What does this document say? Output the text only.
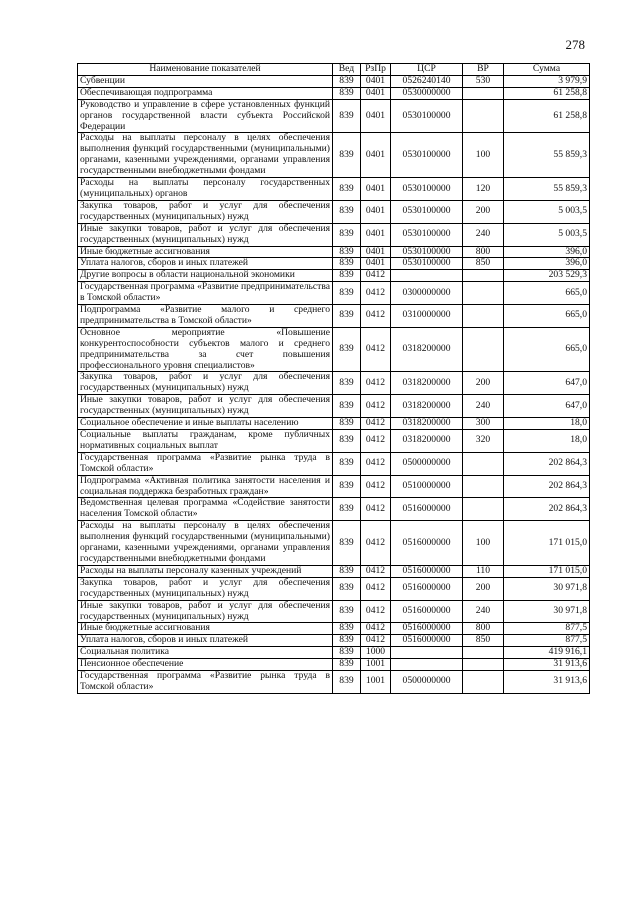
278
Наименование показателей	Вед	РзПр	ЦСР	ВР	Сумма
Субвенции	839	0401	0526240140	530	3 979,9
Обеспечивающая подпрограмма	839	0401	0530000000		61 258,8
Руководство и управление в сфере установленных функций органов государственной власти субъекта Российской Федерации	839	0401	0530100000		61 258,8
Расходы на выплаты персоналу в целях обеспечения выполнения функций государственными (муниципальными) органами, казенными учреждениями, органами управления государственными внебюджетными фондами	839	0401	0530100000	100	55 859,3
Расходы на выплаты персоналу государственных (муниципальных) органов	839	0401	0530100000	120	55 859,3
Закупка товаров, работ и услуг для обеспечения государственных (муниципальных) нужд	839	0401	0530100000	200	5 003,5
Иные закупки товаров, работ и услуг для обеспечения государственных (муниципальных) нужд	839	0401	0530100000	240	5 003,5
Иные бюджетные ассигнования	839	0401	0530100000	800	396,0
Уплата налогов, сборов и иных платежей	839	0401	0530100000	850	396,0
Другие вопросы в области национальной экономики	839	0412			203 529,3
Государственная программа «Развитие предпринимательства в Томской области»	839	0412	0300000000		665,0
Подпрограмма «Развитие малого и среднего предпринимательства в Томской области»	839	0412	0310000000		665,0
Основное мероприятие «Повышение конкурентоспособности субъектов малого и среднего предпринимательства за счет повышения профессионального уровня специалистов»	839	0412	0318200000		665,0
Закупка товаров, работ и услуг для обеспечения государственных (муниципальных) нужд	839	0412	0318200000	200	647,0
Иные закупки товаров, работ и услуг для обеспечения государственных (муниципальных) нужд	839	0412	0318200000	240	647,0
Социальное обеспечение и иные выплаты населению	839	0412	0318200000	300	18,0
Социальные выплаты гражданам, кроме публичных нормативных социальных выплат	839	0412	0318200000	320	18,0
Государственная программа «Развитие рынка труда в Томской области»	839	0412	0500000000		202 864,3
Подпрограмма «Активная политика занятости населения и социальная поддержка безработных граждан»	839	0412	0510000000		202 864,3
Ведомственная целевая программа «Содействие занятости населения Томской области»	839	0412	0516000000		202 864,3
Расходы на выплаты персоналу в целях обеспечения выполнения функций государственными (муниципальными) органами, казенными учреждениями, органами управления государственными внебюджетными фондами	839	0412	0516000000	100	171 015,0
Расходы на выплаты персоналу казенных учреждений	839	0412	0516000000	110	171 015,0
Закупка товаров, работ и услуг для обеспечения государственных (муниципальных) нужд	839	0412	0516000000	200	30 971,8
Иные закупки товаров, работ и услуг для обеспечения государственных (муниципальных) нужд	839	0412	0516000000	240	30 971,8
Иные бюджетные ассигнования	839	0412	0516000000	800	877,5
Уплата налогов, сборов и иных платежей	839	0412	0516000000	850	877,5
Социальная политика	839	1000			419 916,1
Пенсионное обеспечение	839	1001			31 913,6
Государственная программа «Развитие рынка труда в Томской области»	839	1001	0500000000		31 913,6
